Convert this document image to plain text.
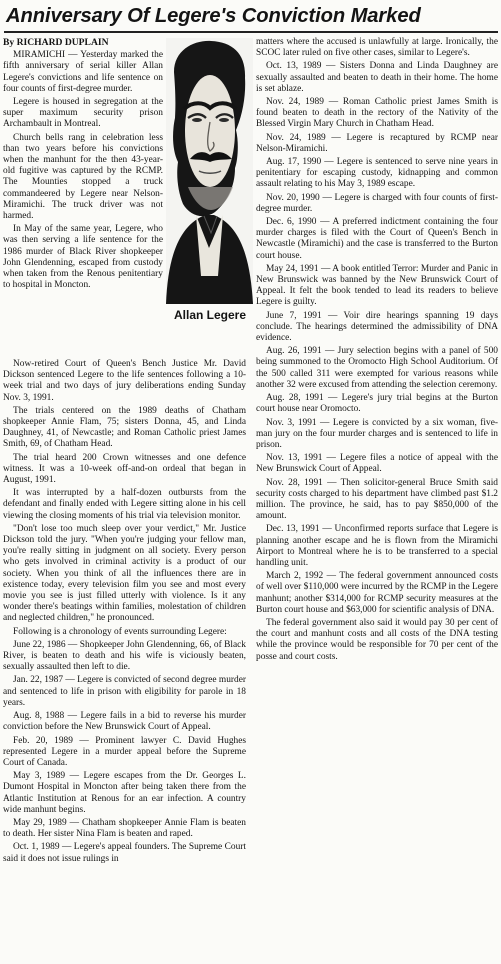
Anniversary Of Legere's Conviction Marked

By RICHARD DUPLAIN

MIRAMICHI — Yesterday marked the fifth anniversary of serial killer Allan Legere's convictions and life sentence on four counts of first-degree murder.

Legere is housed in segregation at the super maximum security prison Archambault in Montreal.

Church bells rang in celebration less than two years before his convictions when the manhunt for the then 43-year-old fugitive was captured by the RCMP. The Mounties stopped a truck commandeered by Legere near Nelson-Miramichi. The truck driver was not harmed.

In May of the same year, Legere, who was then serving a life sentence for the 1986 murder of Black River shopkeeper John Glendenning, escaped from custody when taken from the Renous penitentiary to hospital in Moncton.

Allan Legere

matters where the accused is unlawfully at large. Ironically, the SCOC later ruled on five other cases, similar to Legere's.

Oct. 13, 1989 — Sisters Donna and Linda Daughney are sexually assaulted and beaten to death in their home. The home is set ablaze.

Nov. 24, 1989 — Roman Catholic priest James Smith is found beaten to death in the rectory of the Nativity of the Blessed Virgin Mary Church in Chatham Head.

Nov. 24, 1989 — Legere is recaptured by RCMP near Nelson-Miramichi.

Aug. 17, 1990 — Legere is sentenced to serve nine years in penitentiary for escaping custody, kidnapping and common assault relating to his May 3, 1989 escape.

Nov. 20, 1990 — Legere is charged with four counts of first-degree murder.

Dec. 6, 1990 — A preferred indictment containing the four murder charges is filed with the Court of Queen's Bench in Newcastle (Miramichi) and the case is transferred to the Burton court house.

May 24, 1991 — A book entitled Terror: Murder and Panic in New Brunswick was banned by the New Brunswick Court of Appeal. It felt the book tended to lead its readers to believe Legere is guilty.

June 7, 1991 — Voir dire hearings spanning 19 days conclude. The hearings determined the admissibility of DNA evidence.

Aug. 26, 1991 — Jury selection begins with a panel of 500 being summoned to the Oromocto High School Auditorium. Of the 500 called 311 were exempted for various reasons while another 32 were excused from attending the selection ceremony.

Aug. 28, 1991 — Legere's jury trial begins at the Burton court house near Oromocto.

Nov. 3, 1991 — Legere is convicted by a six woman, five-man jury on the four murder charges and is sentenced to life in prison.

Nov. 13, 1991 — Legere files a notice of appeal with the New Brunswick Court of Appeal.

Nov. 28, 1991 — Then solicitor-general Bruce Smith said security costs charged to his department have climbed past $1.2 million. The province, he said, has to pay $850,000 of the amount.

Dec. 13, 1991 — Unconfirmed reports surface that Legere is planning another escape and he is flown from the Miramichi Airport to Montreal where he is to be transferred to a special handling unit.

March 2, 1992 — The federal government announced costs of well over $110,000 were incurred by the RCMP in the Legere manhunt; another $314,000 for RCMP security measures at the Burton court house and $63,000 for scientific analysis of DNA.

The federal government also said it would pay 30 per cent of the court and manhunt costs and all costs of the DNA testing while the province would be responsible for 70 per cent of the posse and court costs.

Now-retired Court of Queen's Bench Justice Mr. David Dickson sentenced Legere to the life sentences following a 10-week trial and two days of jury deliberations ending Sunday Nov. 3, 1991.

The trials centered on the 1989 deaths of Chatham shopkeeper Annie Flam, 75; sisters Donna, 45, and Linda Daughney, 41, of Newcastle; and Roman Catholic priest James Smith, 69, of Chatham Head.

The trial heard 200 Crown witnesses and one defence witness. It was a 10-week off-and-on ordeal that began in August, 1991.

It was interrupted by a half-dozen outbursts from the defendant and finally ended with Legere sitting alone in his cell viewing the closing moments of his trial via television monitor.

"Don't lose too much sleep over your verdict," Mr. Justice Dickson told the jury. "When you're judging your fellow man, you're really sitting in judgment on all society. Every person who gets involved in criminal activity is a product of our society. When you think of all the influences there are in existence today, every television film you see and most every movie you see is just filled utterly with violence. Is it any wonder there's beatings within families, molestation of children and neglected children," he pronounced.

Following is a chronology of events surrounding Legere:

June 22, 1986 — Shopkeeper John Glendenning, 66, of Black River, is beaten to death and his wife is viciously beaten, sexually assaulted then left to die.

Jan. 22, 1987 — Legere is convicted of second degree murder and sentenced to life in prison with eligibility for parole in 18 years.

Aug. 8, 1988 — Legere fails in a bid to reverse his murder conviction before the New Brunswick Court of Appeal.

Feb. 20, 1989 — Prominent lawyer C. David Hughes represented Legere in a murder appeal before the Supreme Court of Canada.

May 3, 1989 — Legere escapes from the Dr. Georges L. Dumont Hospital in Moncton after being taken there from the Atlantic Institution at Renous for an ear infection. A country wide manhunt begins.

May 29, 1989 — Chatham shopkeeper Annie Flam is beaten to death. Her sister Nina Flam is beaten and raped.

Oct. 1, 1989 — Legere's appeal founders. The Supreme Court said it does not issue rulings in
